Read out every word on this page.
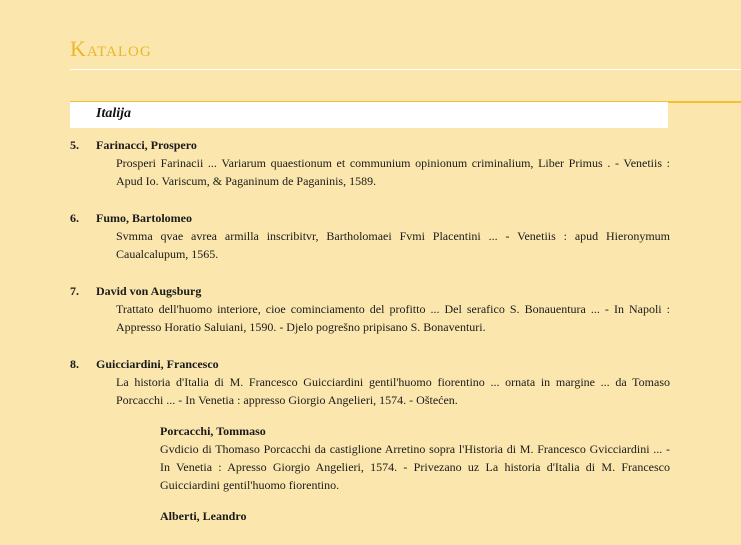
Katalog
Italija
5.	Farinacci, Prospero
Prosperi Farinacii ... Variarum quaestionum et communium opinionum criminalium, Liber Primus . - Venetiis : Apud Io. Variscum, & Paganinum de Paganinis, 1589.
6.	Fumo, Bartolomeo
Svmma qvae avrea armilla inscribitvr, Bartholomaei Fvmi Placentini ... - Venetiis : apud Hieronymum Caualcalupum, 1565.
7.	David von Augsburg
Trattato dell'huomo interiore, cioe cominciamento del profitto ... Del serafico S. Bonauentura ... - In Napoli : Appresso Horatio Saluiani, 1590. - Djelo pogrešno pripisano S. Bonaventuri.
8.	Guicciardini, Francesco
La historia d'Italia di M. Francesco Guicciardini gentil'huomo fiorentino ... ornata in margine ... da Tomaso Porcacchi ... - In Venetia : appresso Giorgio Angelieri, 1574. - Oštećen.
Porcacchi, Tommaso
Gvdicio di Thomaso Porcacchi da castiglione Arretino sopra l'Historia di M. Francesco Gvicciardini ... - In Venetia : Apresso Giorgio Angelieri, 1574. - Privezano uz La historia d'Italia di M. Francesco Guicciardini gentil'huomo fiorentino.
Alberti, Leandro
